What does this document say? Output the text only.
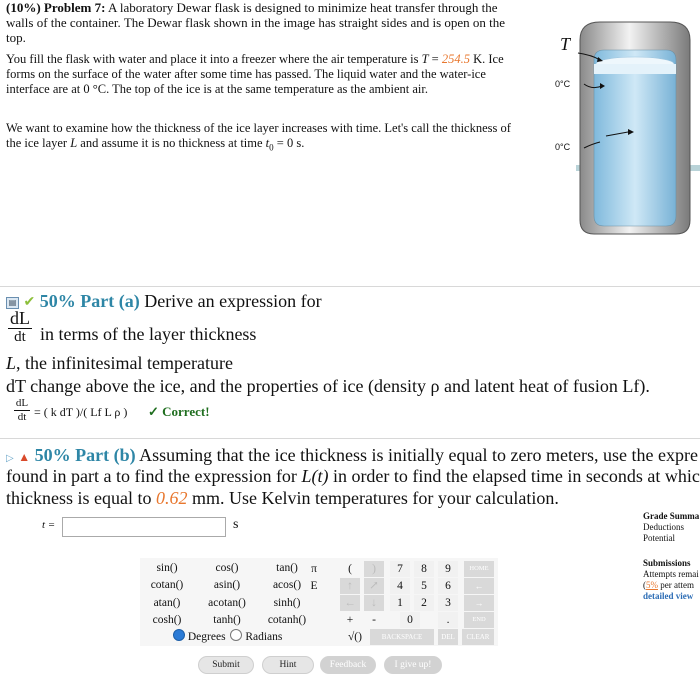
(10%) Problem 7: A laboratory Dewar flask is designed to minimize heat transfer through the walls of the container. The Dewar flask shown in the image has straight sides and is open on the top.
You fill the flask with water and place it into a freezer where the air temperature is T = 254.5 K. Ice forms on the surface of the water after some time has passed. The liquid water and the water-ice interface are at 0 °C. The top of the ice is at the same temperature as the ambient air.
We want to examine how the thickness of the ice layer increases with time. Let's call the thickness of the ice layer L and assume it is no thickness at time $t_0 = 0$ s.
T
0°C
0°C
▤ ✔ 50% Part (a) Derive an expression for
dL
dt in terms of the layer thickness
L, the infinitesimal temperature
dT change above the ice, and the properties of ice (density ρ and latent heat of fusion Lf).
dL
dt = ( k dT )/( Lf L ρ ) ✓ Correct!
▷ ▲ 50% Part (b) Assuming that the ice thickness is initially equal to zero meters, use the expre
found in part a to find the expression for L(t) in order to find the elapsed time in seconds at whic
thickness is equal to 0.62 mm. Use Kelvin temperatures for your calculation.
t =	s
sin()	cos()	tan()
cotan()	asin()	acos()
atan()	acotan()	sinh()
cosh()	tanh()	cotanh()
π
E
(	)
↑	↗
←	↓
+	-
√()
7	8	9
4	5	6
1	2	3
0	.
HOME
←
→
END
BACKSPACE	DEL	CLEAR
Degrees Radians
Submit	Hint	Feedback	I give up!
Grade Summa
Deductions
Potential
Submissions
Attempts remai
(5% per attem
detailed view
